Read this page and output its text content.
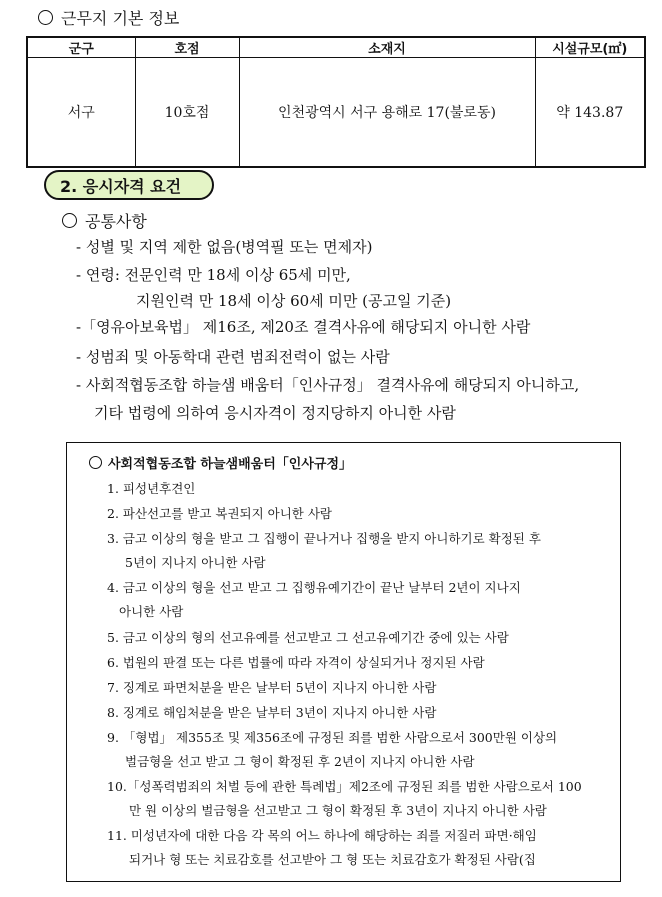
근무지 기본 정보
군구	호점	소재지	시설규모(㎡)
서구	10호점	인천광역시 서구 용해로 17(불로동)	약 143.87
2. 응시자격 요건
공통사항
- 성별 및 지역 제한 없음(병역필 또는 면제자)
- 연령: 전문인력 만 18세 이상 65세 미만,
지원인력 만 18세 이상 60세 미만 (공고일 기준)
-「영유아보육법」 제16조, 제20조 결격사유에 해당되지 아니한 사람
- 성범죄 및 아동학대 관련 범죄전력이 없는 사람
- 사회적협동조합 하늘샘 배움터「인사규정」 결격사유에 해당되지 아니하고,
기타 법령에 의하여 응시자격이 정지당하지 아니한 사람
사회적협동조합 하늘샘배움터「인사규정」
1. 피성년후견인
2. 파산선고를 받고 복권되지 아니한 사람
3. 금고 이상의 형을 받고 그 집행이 끝나거나 집행을 받지 아니하기로 확정된 후
5년이 지나지 아니한 사람
4. 금고 이상의 형을 선고 받고 그 집행유예기간이 끝난 날부터 2년이 지나지
아니한 사람
5. 금고 이상의 형의 선고유예를 선고받고 그 선고유예기간 중에 있는 사람
6. 법원의 판결 또는 다른 법률에 따라 자격이 상실되거나 정지된 사람
7. 징계로 파면처분을 받은 날부터 5년이 지나지 아니한 사람
8. 징계로 해임처분을 받은 날부터 3년이 지나지 아니한 사람
9. 「형법」 제355조 및 제356조에 규정된 죄를 범한 사람으로서 300만원 이상의
벌금형을 선고 받고 그 형이 확정된 후 2년이 지나지 아니한 사람
10.「성폭력범죄의 처벌 등에 관한 특례법」제2조에 규정된 죄를 범한 사람으로서 100
만 원 이상의 벌금형을 선고받고 그 형이 확정된 후 3년이 지나지 아니한 사람
11. 미성년자에 대한 다음 각 목의 어느 하나에 해당하는 죄를 저질러 파면·해임
되거나 형 또는 치료감호를 선고받아 그 형 또는 치료감호가 확정된 사람(집
